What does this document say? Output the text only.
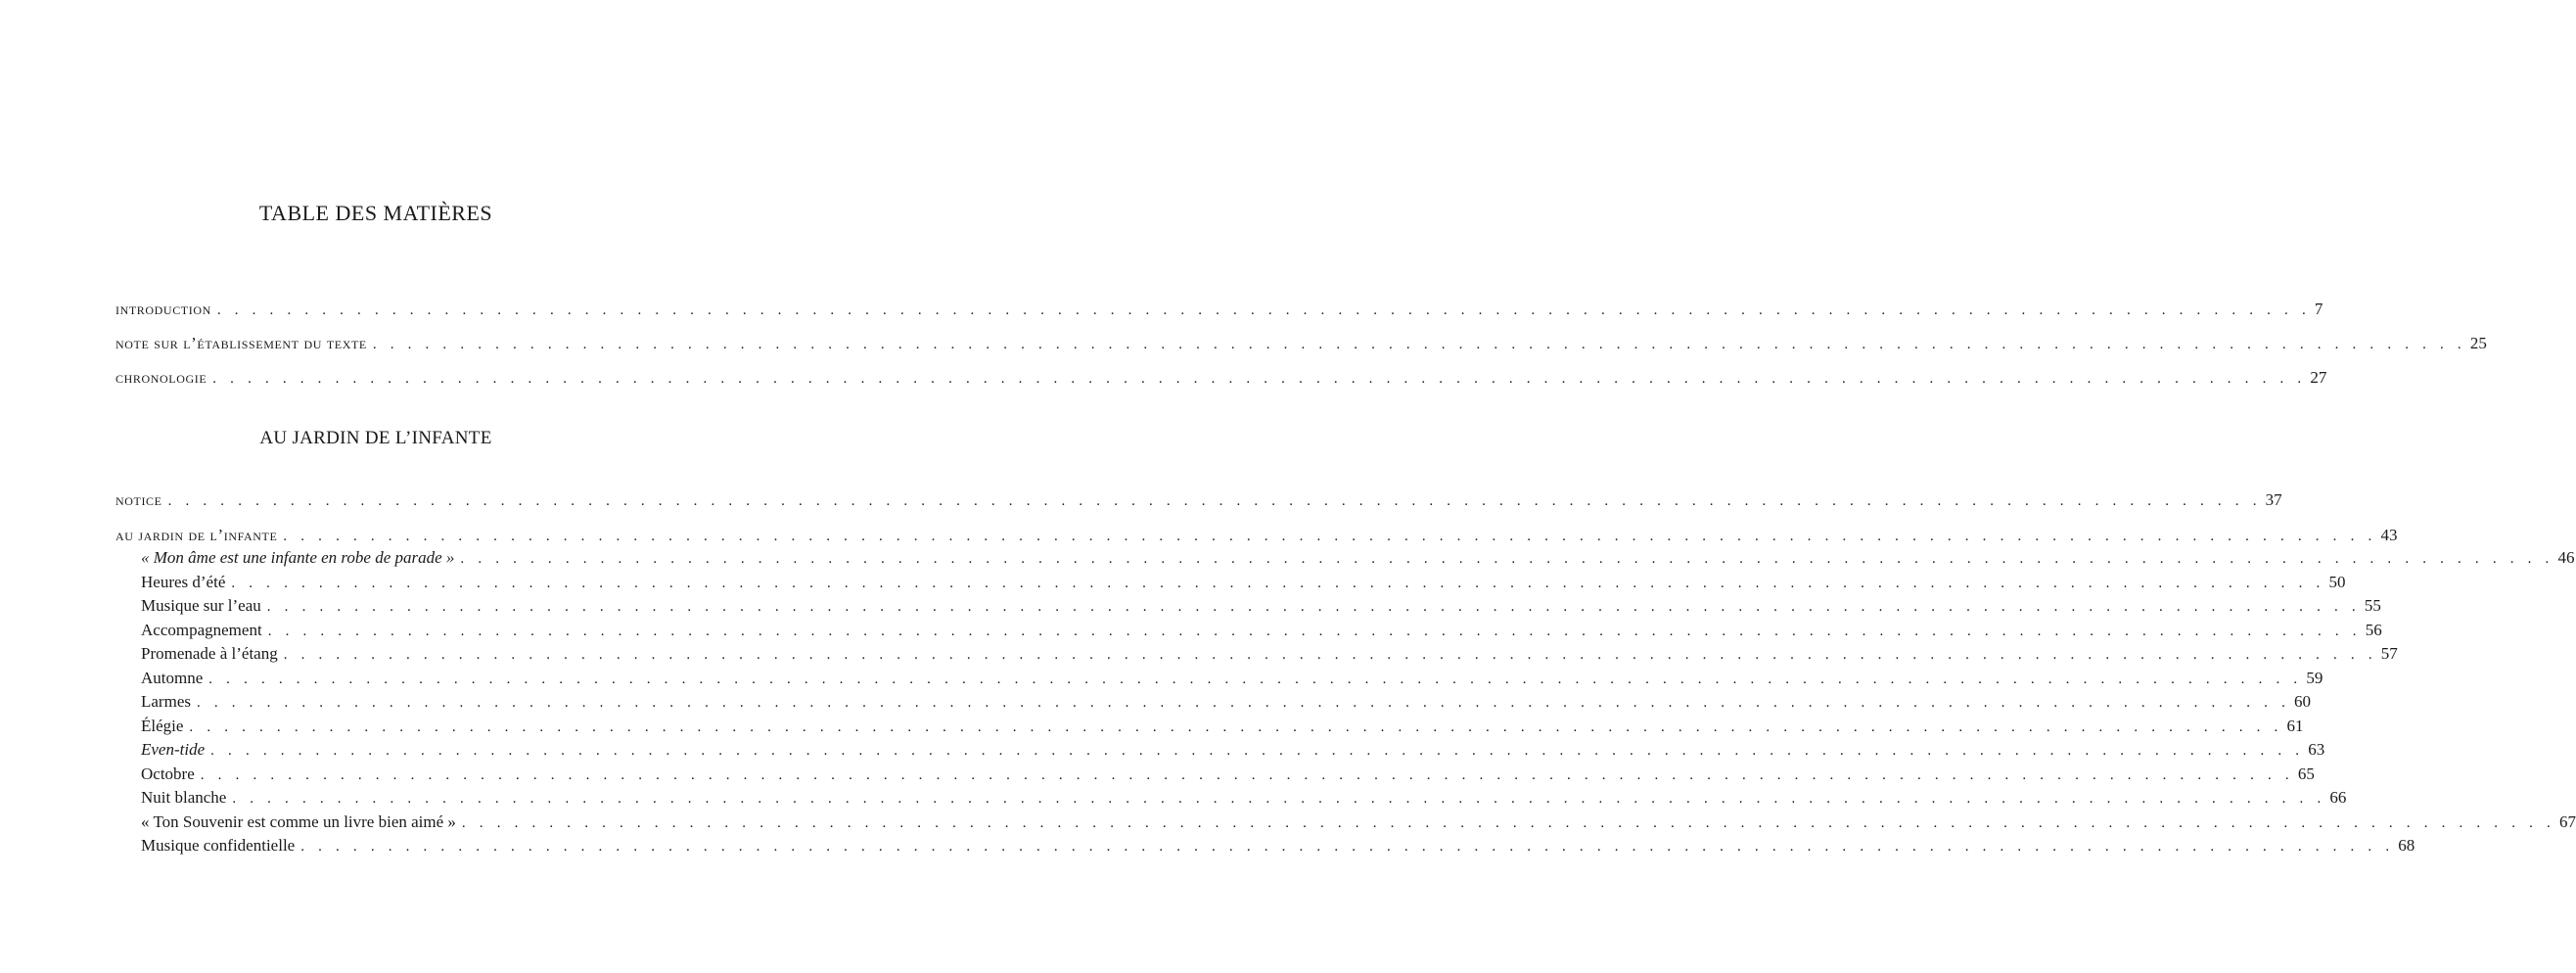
TABLE DES MATIÈRES
introduction . . . . . . . . . . . . . . . . . . . . . . . . . . . . . . . . . . . . . . . . . . . . . . . . . . . . . . . . . . . . . . . . . . . . . . . . . . . . . . . . . . . . . . . . . . . . . . . . . . . . . . . . . . . . . . . . . . . . . . . . 7
note sur l’établissement du texte . . . . . . . . . . . . . . . . . . . . . . . . . . . . . . . . . . . . . . . . . . . . . . . . . . . . . . . . . . . . . . . . . . . . . . . . . . . . . . . . . . . . . . . . . . . . . . . . . . . . . . . . . . . . . . . . . . . . . . . . 25
chronologie . . . . . . . . . . . . . . . . . . . . . . . . . . . . . . . . . . . . . . . . . . . . . . . . . . . . . . . . . . . . . . . . . . . . . . . . . . . . . . . . . . . . . . . . . . . . . . . . . . . . . . . . . . . . . . . . . . . . . . . . 27
AU JARDIN DE L’INFANTE
notice . . . . . . . . . . . . . . . . . . . . . . . . . . . . . . . . . . . . . . . . . . . . . . . . . . . . . . . . . . . . . . . . . . . . . . . . . . . . . . . . . . . . . . . . . . . . . . . . . . . . . . . . . . . . . . . . . . . . . . . . 37
au jardin de l’infante . . . . . . . . . . . . . . . . . . . . . . . . . . . . . . . . . . . . . . . . . . . . . . . . . . . . . . . . . . . . . . . . . . . . . . . . . . . . . . . . . . . . . . . . . . . . . . . . . . . . . . . . . . . . . . . . . . . . . . . . 43
« Mon âme est une infante en robe de parade » . . . . . . . . . . . . . . . . . . . . . . . . . . . . . . . . . . . . . . . . . . . . . . . . . . . . . . . . . . . . . . . . . . . . . . . . . . . . . . . . . . . . . . . . . . . . . . . . . . . . . . . . . . . . . . . . . . . . . . . . 46
Heures d’été . . . . . . . . . . . . . . . . . . . . . . . . . . . . . . . . . . . . . . . . . . . . . . . . . . . . . . . . . . . . . . . . . . . . . . . . . . . . . . . . . . . . . . . . . . . . . . . . . . . . . . . . . . . . . . . . . . . . . . . . 50
Musique sur l’eau . . . . . . . . . . . . . . . . . . . . . . . . . . . . . . . . . . . . . . . . . . . . . . . . . . . . . . . . . . . . . . . . . . . . . . . . . . . . . . . . . . . . . . . . . . . . . . . . . . . . . . . . . . . . . . . . . . . . . . . . 55
Accompagnement . . . . . . . . . . . . . . . . . . . . . . . . . . . . . . . . . . . . . . . . . . . . . . . . . . . . . . . . . . . . . . . . . . . . . . . . . . . . . . . . . . . . . . . . . . . . . . . . . . . . . . . . . . . . . . . . . . . . . . . . 56
Promenade à l’étang . . . . . . . . . . . . . . . . . . . . . . . . . . . . . . . . . . . . . . . . . . . . . . . . . . . . . . . . . . . . . . . . . . . . . . . . . . . . . . . . . . . . . . . . . . . . . . . . . . . . . . . . . . . . . . . . . . . . . . . . 57
Automne . . . . . . . . . . . . . . . . . . . . . . . . . . . . . . . . . . . . . . . . . . . . . . . . . . . . . . . . . . . . . . . . . . . . . . . . . . . . . . . . . . . . . . . . . . . . . . . . . . . . . . . . . . . . . . . . . . . . . . . . 59
Larmes . . . . . . . . . . . . . . . . . . . . . . . . . . . . . . . . . . . . . . . . . . . . . . . . . . . . . . . . . . . . . . . . . . . . . . . . . . . . . . . . . . . . . . . . . . . . . . . . . . . . . . . . . . . . . . . . . . . . . . . . 60
Élégie . . . . . . . . . . . . . . . . . . . . . . . . . . . . . . . . . . . . . . . . . . . . . . . . . . . . . . . . . . . . . . . . . . . . . . . . . . . . . . . . . . . . . . . . . . . . . . . . . . . . . . . . . . . . . . . . . . . . . . . . 61
Even-tide . . . . . . . . . . . . . . . . . . . . . . . . . . . . . . . . . . . . . . . . . . . . . . . . . . . . . . . . . . . . . . . . . . . . . . . . . . . . . . . . . . . . . . . . . . . . . . . . . . . . . . . . . . . . . . . . . . . . . . . . 63
Octobre . . . . . . . . . . . . . . . . . . . . . . . . . . . . . . . . . . . . . . . . . . . . . . . . . . . . . . . . . . . . . . . . . . . . . . . . . . . . . . . . . . . . . . . . . . . . . . . . . . . . . . . . . . . . . . . . . . . . . . . . 65
Nuit blanche . . . . . . . . . . . . . . . . . . . . . . . . . . . . . . . . . . . . . . . . . . . . . . . . . . . . . . . . . . . . . . . . . . . . . . . . . . . . . . . . . . . . . . . . . . . . . . . . . . . . . . . . . . . . . . . . . . . . . . . . 66
« Ton Souvenir est comme un livre bien aimé » . . . . . . . . . . . . . . . . . . . . . . . . . . . . . . . . . . . . . . . . . . . . . . . . . . . . . . . . . . . . . . . . . . . . . . . . . . . . . . . . . . . . . . . . . . . . . . . . . . . . . . . . . . . . . . . . . . . . . . . . 67
Musique confidentielle . . . . . . . . . . . . . . . . . . . . . . . . . . . . . . . . . . . . . . . . . . . . . . . . . . . . . . . . . . . . . . . . . . . . . . . . . . . . . . . . . . . . . . . . . . . . . . . . . . . . . . . . . . . . . . . . . . . . . . . . 68
